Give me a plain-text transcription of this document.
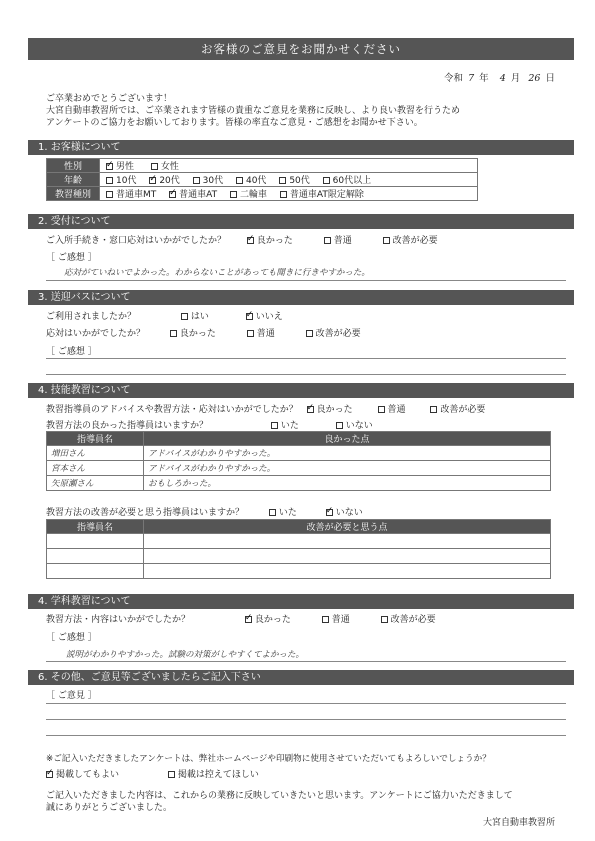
お客様のご意見をお聞かせください
令和 7 年 4 月 26 日
ご卒業おめでとうございます！
大宮自動車教習所では、ご卒業されます皆様の貴重なご意見を業務に反映し、より良い教習を行うため
アンケートのご協力をお願いしております。皆様の率直なご意見・ご感想をお聞かせ下さい。
1. お客様について
性別	✓男性 女性
年齢	10代 ✓ 20代 30代 40代 50代 60代以上
教習種別	普通車MT ✓ 普通車AT 二輪車 普通車AT限定解除
2. 受付について
ご入所手続き・窓口応対はいかがでしたか？ ✓	良かった	普通	改善が必要
［ ご感想 ］
応対がていねいでよかった。わからないことがあっても聞きに行きやすかった。
3. 送迎バスについて
ご利用されましたか？	はい ✓	いいえ
応対はいかがでしたか？	良かった	普通	改善が必要
［ ご感想 ］
4. 技能教習について
教習指導員のアドバイスや教習方法・応対はいかがでしたか？ ✓ 良かった	普通	改善が必要
教習方法の良かった指導員はいますか？	いた	いない
指導員名	良かった点
増田さん	アドバイスがわかりやすかった。
宮本さん	アドバイスがわかりやすかった。
矢原瀬さん	おもしろかった。
教習方法の改善が必要と思う指導員はいますか？	いた ✓	いない
指導員名	改善が必要と思う点

4. 学科教習について
教習方法・内容はいかがでしたか？ ✓	良かった	普通	改善が必要
［ ご感想 ］
説明がわかりやすかった。試験の対策がしやすくてよかった。
6. その他、ご意見等ございましたらご記入下さい
［ ご意見 ］
※ご記入いただきましたアンケートは、弊社ホームページや印刷物に使用させていただいてもよろしいでしょうか？
✓掲載してもよい	掲載は控えてほしい
ご記入いただきました内容は、これからの業務に反映していきたいと思います。アンケートにご協力いただきまして
誠にありがとうございました。
大宮自動車教習所
